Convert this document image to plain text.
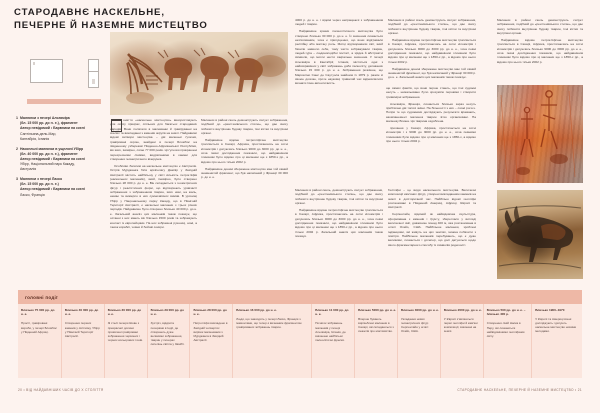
СТАРОДАВНЄ НАСКЕЛЬНЕ,
ПЕЧЕРНЕ Й НАЗЕМНЕ МИСТЕЦТВО
1 Малюнки з печері Альтаміра
(бл. 15 000 рр. до н. е.), фрагмент
Автор невідомий • Барвники на скелі
Сантільяна-дель-Мар,
Кантабрія, Іспанія
2 Наскельні малюнки в ущелині Убірр
(бл. 40 000 рр. до н. е.), фрагмент
Автор невідомий • Барвники на скелі
Убірр, Національний парк Какаду,
Австралія
3 Малюнки з печері Ласко
(бл. 15 000 рр. до н. е.)
Автор невідомий • Барвники на скелі
Ласко, Франція

оняття «наскельне мистецтво» використовують для опису прикрас, спільних для багатьох стародавніх народів. Вони полягали в малюванні й гравіруванні на скелях та викладанні з каменів округів на землі. Найдавніші відомі витвори мистецтва – дві маленькі ґулечки, гравіровані охрою, знайдені в печері Бломбос на південному узбережжі Південно-Африканської Республіки, вік яких, імовірно, сягає 77 000 років. Ці ґулечки прикрашені перехресними лініями, видряпаними в камені для створення геометричного візерунка.

Особливо багатим на наскельне мистецтво є Австралія. Острів Мурджанга біля архіпелагу Дампір у Західній Австралії містить найбільшу у світі кількість петрогліфів (наскельних малюнків), який, імовірно, було створено близько 28 000 р. до н. е. Він складається з геометричних фігур і реалістичних форм, що відтворюють уривчасті зображення з зображенням тварин, яких нині, на жаль, немає та вимерло в них сумнозвісних вимив. В урочищі Убірр у Національному парку Какаду, що в Північній Території Австралії, є наскельні малюнки з трьох різних періодів. Найдавніше було створено близько 40 000 р. до н. е. Загальний аналіз цих малюнків також показує, що останні з них мають вік близько 1500 років та зображують контакт із європейцями. На них зображені рушниці, ножі, а також кораблі, човни й бойові сокири.

Малюнки в районі скель демонструють силует зображення, подібний до «рентгенівського стилю», що дає змогу побачити внутрішню будову тварин, їхні кістки та внутрішні органи.

Найдавніше відоме петрогліфічне мистецтво трапляється в Сахарі, Африка, простягаючись на сотні кілометрів і датуючись близько 9000 до 3000 рр. до н. е., хоча певні дослідження показали, що найдавнішим глиняним було відомо про ці малюнки ще з 1850-х рр., а відомо про нього тільки 2002 р.

Найдавніше донині збережене мистецтво має той самий знаменитий фрагмент, що був написаний у Франції 30 000 р. до н. е.

4000 р. до н. е. і відомі через непрацюючі з зображенням людей і тварин.

Найдавніше зразки палеолітичного мистецтва було створено близько 30 000 р. до н. е. Їх значення лишається нез'ясованим, хоча є припущення, що вони відігравали релігійну або магічну роль. Митці відтворювали світ, який бачили навколо себе, тому часто зображували тварин, людей-тура – людиноподібні постаті, а зрідка й абстрактні символи, що могли нести сакральне значення. У печері Альтаміра в Кантабрії, Іспанія, містяться одні з найяскравіших у світі зображень доби палеоліту, датованих близько 15 000 р. до н. е. Зображення розкішне, що Марселіно Санс де Саутуола знайшов їх 1879 р. разом зі своєю дочкою, проте науковці тривалий час відмовлялися визнати їхню автентичність.

Малюнки в районі скель демонструють силует зображення, подібний до «рентгенівського стилю», що дає змогу побачити внутрішню будову тварин, їхні кістки та внутрішні органи.

Найдавніше відоме петрогліфічне мистецтво трапляється в Сахарі, Африка, простягаючись на сотні кілометрів і датуючись близько 9000 до 3000 рр. до н. е., хоча певні дослідження показали, що найдавнішим глиняним було відомо про ці малюнки ще з 1850-х рр., а відомо про нього тільки 2002 р.

Найдавніше донині збережене мистецтво має той самий знаменитий фрагмент, що був написаний у Франції 30 000 р. до н. е. Загальний аналіз цих малюнків також показує.

Малюнки в районі скель, демонструють силует зображення, подібний до «рентгенівського стилю», що дає змогу побачити внутрішню будову тварин, їхні кістки та внутрішні органи.

Найдавніше відоме петрогліфічне мистецтво трапляється в Сахарі, Африка, простягаючись на сотні кілометрів і датуючись близько 9000 до 3000 рр. до н. е., хоча певні дослідження показали, що найдавнішим глиняним було відомо про ці малюнки ще з 1850-х рр., а відомо про нього тільки 2002 р. Загальний аналіз цих малюнків також показує.

Гео́гліфи – це види наскельного мистецтва. Величезні композиції кам'яних фігур, утворені викладанням каменів на землі в доісторичний час. Найбільш відомі геогліфи розташовані в Південній Америці, Африці, Європі та Австралії.

Серпентайн, відомий як найвідоміша скульптура, сформована з каменів і ґрунту, збереглася у вигляді величезної змії, довжиною понад 400 м, яка розташована в штаті Огайо, США. Найбільше малюнки, зроблені індіанцями, які живуть на цих землях, можна побачити з повітря. Найбільше малюнків перебувають, що є дуже великими, лишається і дотепер, що досі датуються щодо свого фрагментарного способу їх символів родючості.

Малюнки в районі скель демонструють силует зображення, подібний до «рентгенівського стилю», що дає змогу побачити внутрішню будову тварин, їхні кістки та внутрішні органи.

Найдавніше відоме петрогліфічне мистецтво трапляється в Сахарі, Африка, простягаючись на сотні кілометрів і датуючись близько 9000 до 3000 рр. до н. е., хоча певні дослідження показали, що найдавнішим глиняним було відомо про ці малюнки ще з 1850-х рр., а відомо про нього тільки 2002 р.

ще самих фактів, що вони перше стають, що їхні художні несуть – немальовано було зрозуміло першими і створити тривимірні зображення.

Альтаміра, Франція, лишається близько зараз несуть приблизно дві тисячі зміни. На більшості з них – схожі роги-ч. Попри те що художники досліджують результати вражають, акомпанемент малюнок тварин чітко організовані. На малюнку Бізона. Ця тварина оздоблена.

прохання у Сахарі, Африка, простягається на сотні кілометрів і з 9000 до 3000 рр. до н. е., хоча певними глиняними було відомо про ці малюнки ще з 1850-х, а відомо про нього тільки 2002 р.

головні події
Близько 75 000 рр. до н. е.
Прості, гравіровані вироби, у печері Бломбос у Південній Африці.
Близько 40 000 рр. до н. е.
Створення перших каменів у світлому, Убірр у Північній Території Австралії.
Близько 30 000 рр. до н. е.
Зі стелі печери Шове з прекрасної долини проявлені гравіровані зображення червоних і чорних кольорових тонів.
Близько 29 000 рр. до н. е.
Зустріч, відкрита печерами в Індії, де створюють дуже великими зображення, тварин у печерах склепінь світла у Замбії.
Близько 28 000 рр. до н. е.
Петрогліфи викладено в Західній четвертих вирізок малюнками з Мурджанга в Західній Австралії.
Близько 16 000 рр. до н. е.
Люди, що знаходять у печері Ласко, Франція з мамонтами, що тепер є визнаним фрагментом гравірованих зображень тварин.
Близько 11 000 рр. до н. е.
Початок зображень малюнків у печері Альтаміра, Іспанія, де виконано найбільші палеолітичні фрески.
Близько 5000 рр. до н. е.
Вперше бувають вирізьблені малюнки в Сахарі, які складаються з сюжетів про мисливство.
Близько 3000 рр. до н. е.
Укладання нових геометричних фігур Серпентайн у штаті Огайо, США.
Близько 2000 рр. до н. е.
У Європі з'являються перші геогліфи й кам'яні композиції, виконані на землі.
Близько 500 рр. до н. е. – близько 400 р.
Створення ліній Наска в Перу, які лишаються найвідомішими геогліфами світу.
Близько 1900–1970
У Європі та Америці вчені досліджують і датують наскельне мистецтво новими методами.
20 • ВІД НАЙДАВНІШИХ ЧАСІВ ДО X СТОЛІТТЯ	СТАРОДАВНЄ НАСКЕЛЬНЕ, ПЕЧЕРНЕ Й НАЗЕМНЕ МИСТЕЦТВО • 21
